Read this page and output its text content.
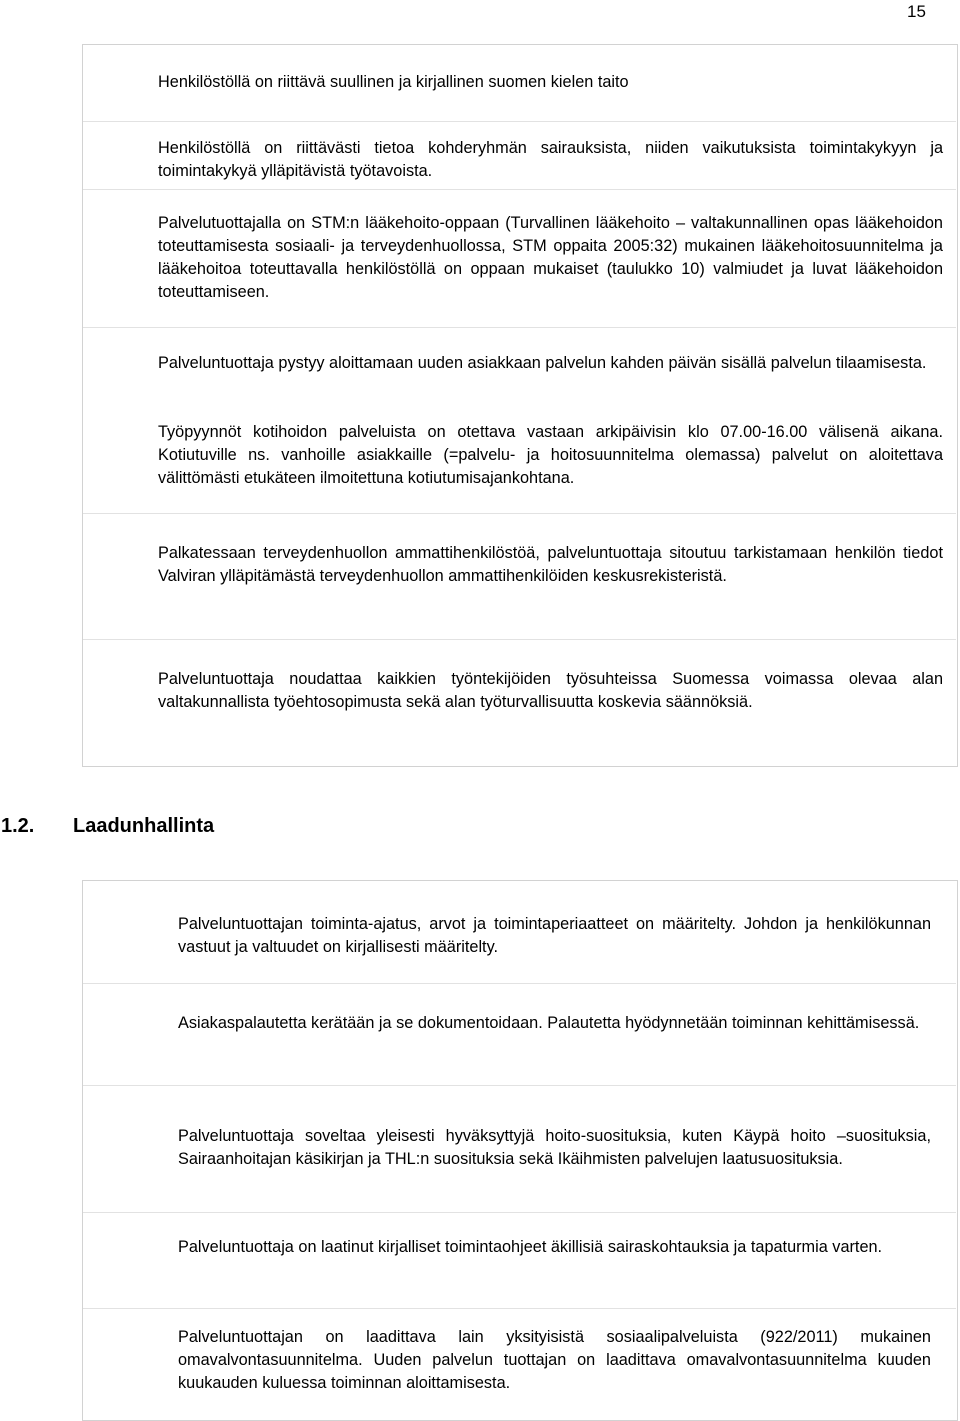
15

Henkilöstöllä on riittävä suullinen ja kirjallinen suomen kielen taito

Henkilöstöllä on riittävästi tietoa kohderyhmän sairauksista, niiden vaikutuksista toimintakykyyn ja toimintakykyä ylläpitävistä työtavoista.

Palvelutuottajalla on STM:n lääkehoito-oppaan (Turvallinen lääkehoito – valtakunnallinen opas lääkehoidon toteuttamisesta sosiaali- ja terveydenhuollossa, STM oppaita 2005:32) mukainen lääkehoitosuunnitelma ja lääkehoitoa toteuttavalla henkilöstöllä on oppaan mukaiset (taulukko 10) valmiudet ja luvat lääkehoidon toteuttamiseen.

Palveluntuottaja pystyy aloittamaan uuden asiakkaan palvelun kahden päivän sisällä palvelun tilaamisesta.

Työpyynnöt kotihoidon palveluista on otettava vastaan arkipäivisin klo 07.00-16.00 välisenä aikana. Kotiutuville ns. vanhoille asiakkaille (=palvelu- ja hoitosuunnitelma olemassa) palvelut on aloitettava välittömästi etukäteen ilmoitettuna kotiutumisajankohtana.

Palkatessaan terveydenhuollon ammattihenkilöstöä, palveluntuottaja sitoutuu tarkistamaan henkilön tiedot Valviran ylläpitämästä terveydenhuollon ammattihenkilöiden keskusrekisteristä.

Palveluntuottaja noudattaa kaikkien työntekijöiden työsuhteissa Suomessa voimassa olevaa alan valtakunnallista työehtosopimusta sekä alan työturvallisuutta koskevia säännöksiä.

1.2. Laadunhallinta

Palveluntuottajan toiminta-ajatus, arvot ja toimintaperiaatteet on määritelty. Johdon ja henkilökunnan vastuut ja valtuudet on kirjallisesti määritelty.

Asiakaspalautetta kerätään ja se dokumentoidaan. Palautetta hyödynnetään toiminnan kehittämisessä.

Palveluntuottaja soveltaa yleisesti hyväksyttyjä hoito-suosituksia, kuten Käypä hoito –suosituksia, Sairaanhoitajan käsikirjan ja THL:n suosituksia sekä Ikäihmisten palvelujen laatusuosituksia.

Palveluntuottaja on laatinut kirjalliset toimintaohjeet äkillisiä sairaskohtauksia ja tapaturmia varten.

Palveluntuottajan on laadittava lain yksityisistä sosiaalipalveluista (922/2011) mukainen omavalvontasuunnitelma. Uuden palvelun tuottajan on laadittava omavalvontasuunnitelma kuuden kuukauden kuluessa toiminnan aloittamisesta.
